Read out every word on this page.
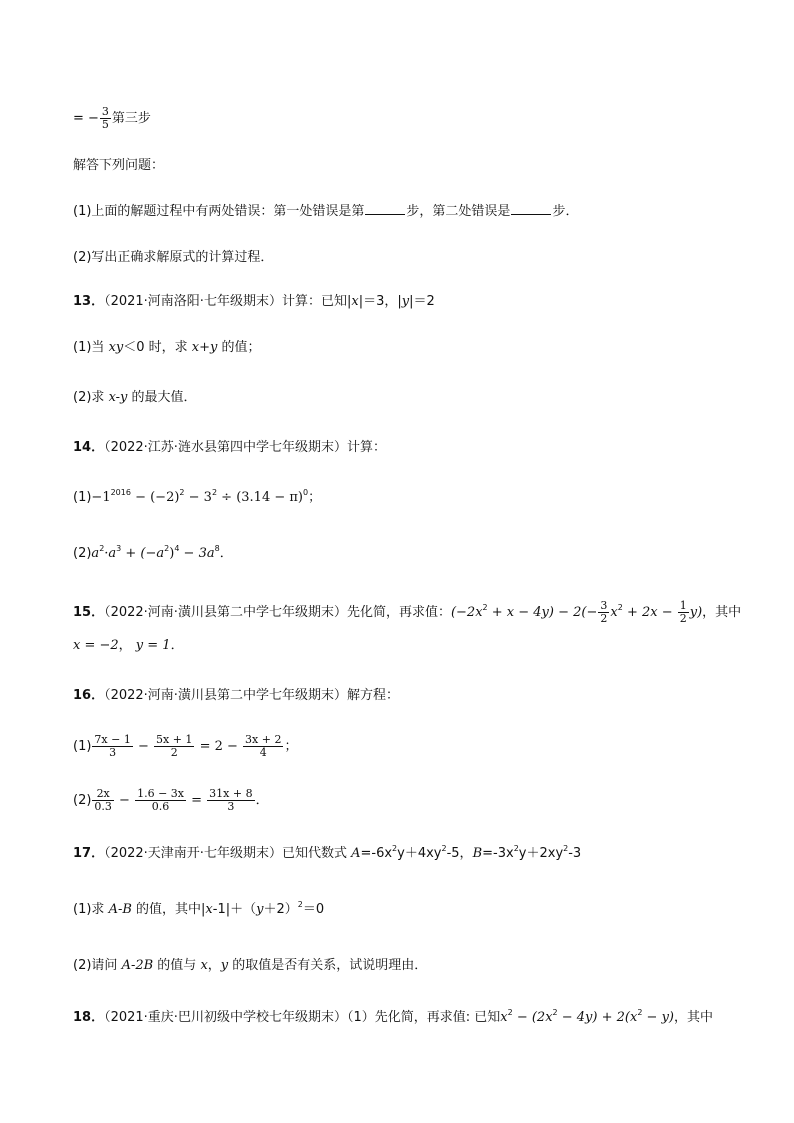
= − $\frac{3}{5}$ 第三步
解答下列问题：
(1)上面的解题过程中有两处错误：第一处错误是第	步，第二处错误是	步．
(2)写出正确求解原式的计算过程．
13．（2021·河南洛阳·七年级期末）计算：已知|x|＝3，|y|＝2
(1)当 xy＜0 时，求 x+y 的值；
(2)求 x-y 的最大值．
14．（2022·江苏·涟水县第四中学七年级期末）计算：
$(1)-1^{2016} - (-2)^2 - 3^2 \div (3.14 - \pi)^0$；
$(2)a^2\cdot a^3 + (-a^2)^4 - 3a^8$．
15．（2022·河南·潢川县第二中学七年级期末）先化简，再求值：$(-2x^2 + x - 4y) - 2(- \frac{3}{2} x^2 + 2x - \frac{1}{2} y)$，其中
x = −2， y = 1．
16．（2022·河南·潢川县第二中学七年级期末）解方程：
$(1) \frac{7x - 1}{3} - \frac{5x + 1}{2} = 2 - \frac{3x + 2}{4}$ ；
$(2) \frac{2x}{0.3} - \frac{1.6 - 3x}{0.6} = \frac{31x + 8}{3}$ ．
17．（2022·天津南开·七年级期末）已知代数式 $A=-6x^2y+4xy^2-5$，$B=-3x^2y+2xy^2-3$
(1)求 A-B 的值，其中$|x-1|+(y+2)^2=0$
(2)请问 A-2B 的值与 x，y 的取值是否有关系，试说明理由．
18．（2021·重庆·巴川初级中学校七年级期末）（1）先化简，再求值: 已知$x^2 - (2x^2 - 4y) + 2(x^2 - y)$，其中
